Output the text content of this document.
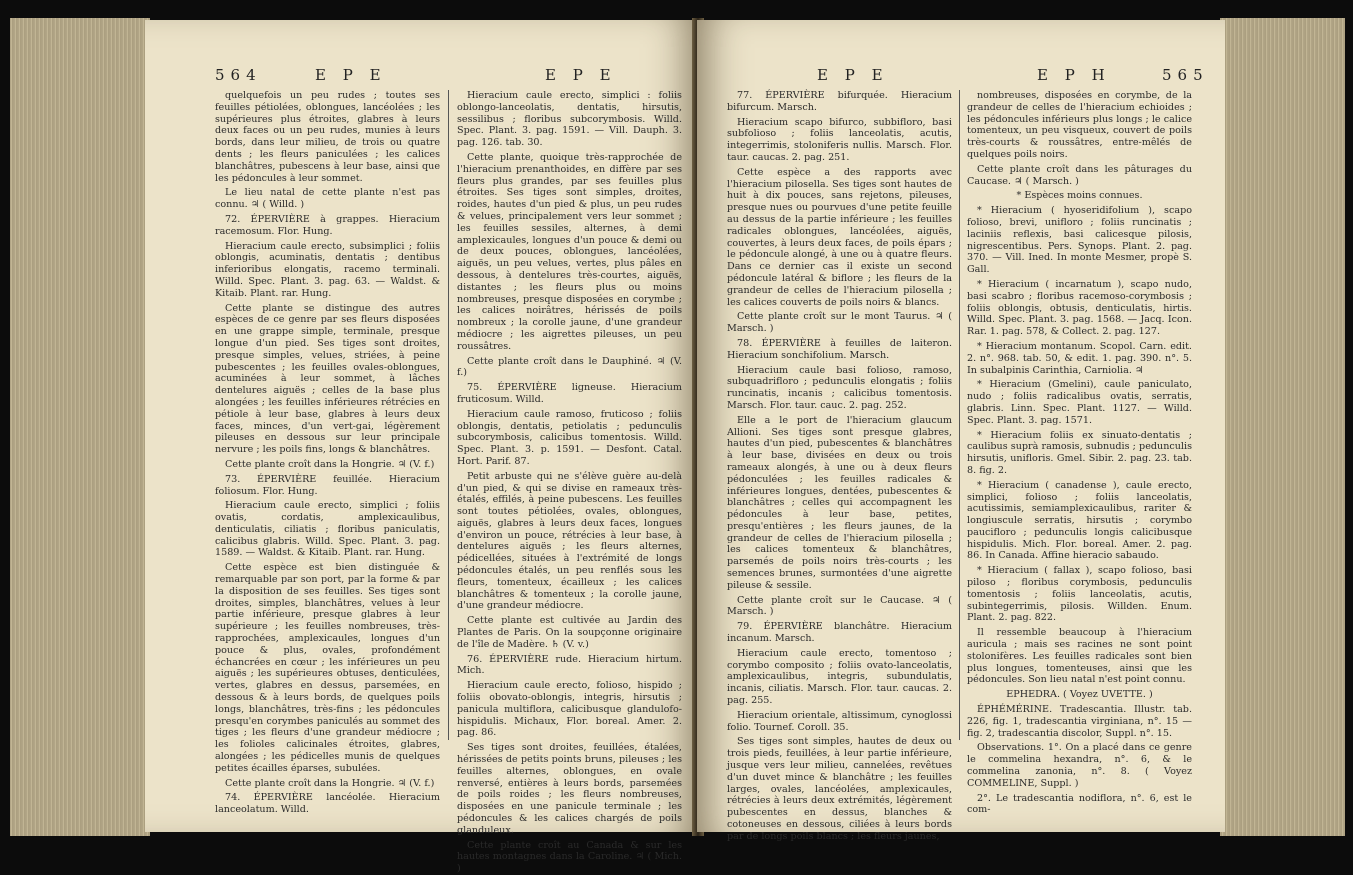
564	E P E	E P E

quelquefois un peu rudes ; toutes ses feuilles pétiolées, oblongues, lancéolées ; les supérieures plus étroites, glabres à leurs deux faces ou un peu rudes, munies à leurs bords, dans leur milieu, de trois ou quatre dents ; les fleurs paniculées ; les calices blanchâtres, pubescens à leur base, ainsi que les pédoncules à leur sommet.

Le lieu natal de cette plante n'est pas connu. ♃ ( Willd. )

72. ÉPERVIÈRE à grappes. Hieracium racemosum. Flor. Hung.

Hieracium caule erecto, subsimplici ; foliis oblongis, acuminatis, dentatis ; dentibus inferioribus elongatis, racemo terminali. Willd. Spec. Plant. 3. pag. 63. — Waldst. & Kitaib. Plant. rar. Hung.

Cette plante se distingue des autres espèces de ce genre par ses fleurs disposées en une grappe simple, terminale, presque longue d'un pied. Ses tiges sont droites, presque simples, velues, striées, à peine pubescentes ; les feuilles ovales-oblongues, acuminées à leur sommet, à lâches dentelures aiguës ; celles de la base plus alongées ; les feuilles inférieures rétrécies en pétiole à leur base, glabres à leurs deux faces, minces, d'un vert-gai, légèrement pileuses en dessous sur leur principale nervure ; les poils fins, longs & blanchâtres.

Cette plante croît dans la Hongrie. ♃ (V. f.)

73. ÉPERVIÈRE feuillée. Hieracium foliosum. Flor. Hung.

Hieracium caule erecto, simplici ; foliis ovatis, cordatis, amplexicaulibus, denticulatis, ciliatis ; floribus paniculatis, calicibus glabris. Willd. Spec. Plant. 3. pag. 1589. — Waldst. & Kitaib. Plant. rar. Hung.

Cette espèce est bien distinguée & remarquable par son port, par la forme & par la disposition de ses feuilles. Ses tiges sont droites, simples, blanchâtres, velues à leur partie inférieure, presque glabres à leur supérieure ; les feuilles nombreuses, très-rapprochées, amplexicaules, longues d'un pouce & plus, ovales, profondément échancrées en cœur ; les inférieures un peu aiguës ; les supérieures obtuses, denticulées, vertes, glabres en dessus, parsemées, en dessous & à leurs bords, de quelques poils longs, blanchâtres, très-fins ; les pédoncules presqu'en corymbes paniculés au sommet des tiges ; les fleurs d'une grandeur médiocre ; les folioles calicinales étroites, glabres, alongées ; les pédicelles munis de quelques petites écailles éparses, subulées.

Cette plante croît dans la Hongrie. ♃ (V. f.)

74. ÉPERVIÈRE lancéolée. Hieracium lanceolatum. Willd.

Hieracium caule erecto, simplici : foliis oblongo-lanceolatis, dentatis, hirsutis, sessilibus ; floribus subcorymbosis. Willd. Spec. Plant. 3. pag. 1591. — Vill. Dauph. 3. pag. 126. tab. 30.

Cette plante, quoique très-rapprochée de l'hieracium prenanthoides, en diffère par ses fleurs plus grandes, par ses feuilles plus étroites. Ses tiges sont simples, droites, roides, hautes d'un pied & plus, un peu rudes & velues, principalement vers leur sommet ; les feuilles sessiles, alternes, à demi amplexicaules, longues d'un pouce & demi ou de deux pouces, oblongues, lancéolées, aiguës, un peu velues, vertes, plus pâles en dessous, à dentelures très-courtes, aiguës, distantes ; les fleurs plus ou moins nombreuses, presque disposées en corymbe ; les calices noirâtres, hérissés de poils nombreux ; la corolle jaune, d'une grandeur médiocre ; les aigrettes pileuses, un peu roussâtres.

Cette plante croît dans le Dauphiné. ♃ (V. f.)

75. ÉPERVIÈRE ligneuse. Hieracium fruticosum. Willd.

Hieracium caule ramoso, fruticoso ; foliis oblongis, dentatis, petiolatis ; pedunculis subcorymbosis, calicibus tomentosis. Willd. Spec. Plant. 3. p. 1591. — Desfont. Catal. Hort. Parif. 87.

Petit arbuste qui ne s'élève guère au-delà d'un pied, & qui se divise en rameaux très-étalés, effilés, à peine pubescens. Les feuilles sont toutes pétiolées, ovales, oblongues, aiguës, glabres à leurs deux faces, longues d'environ un pouce, rétrécies à leur base, à dentelures aiguës ; les fleurs alternes, pédicellées, situées à l'extrémité de longs pédoncules étalés, un peu renflés sous les fleurs, tomenteux, écailleux ; les calices blanchâtres & tomenteux ; la corolle jaune, d'une grandeur médiocre.

Cette plante est cultivée au Jardin des Plantes de Paris. On la soupçonne originaire de l'île de Madère. ♄ (V. v.)

76. ÉPERVIÈRE rude. Hieracium hirtum. Mich.

Hieracium caule erecto, folioso, hispido ; foliis obovato-oblongis, integris, hirsutis ; panicula multiflora, calicibusque glandulofo-hispidulis. Michaux, Flor. boreal. Amer. 2. pag. 86.

Ses tiges sont droites, feuillées, étalées, hérissées de petits points bruns, pileuses ; les feuilles alternes, oblongues, en ovale renversé, entières à leurs bords, parsemées de poils roides ; les fleurs nombreuses, disposées en une panicule terminale ; les pédoncules & les calices chargés de poils glanduleux.

Cette plante croît au Canada & sur les hautes montagnes dans la Caroline. ♃ ( Mich. )

E P E	E P H	565

77. ÉPERVIÈRE bifurquée. Hieracium bifurcum. Marsch.

Hieracium scapo bifurco, subbifloro, basi subfolioso ; foliis lanceolatis, acutis, integerrimis, stoloniferis nullis. Marsch. Flor. taur. caucas. 2. pag. 251.

Cette espèce a des rapports avec l'hieracium pilosella. Ses tiges sont hautes de huit à dix pouces, sans rejetons, pileuses, presque nues ou pourvues d'une petite feuille au dessus de la partie inférieure ; les feuilles radicales oblongues, lancéolées, aiguës, couvertes, à leurs deux faces, de poils épars ; le pédoncule alongé, à une ou à quatre fleurs. Dans ce dernier cas il existe un second pédoncule latéral & biflore ; les fleurs de la grandeur de celles de l'hieracium pilosella ; les calices couverts de poils noirs & blancs.

Cette plante croît sur le mont Taurus. ♃ ( Marsch. )

78. ÉPERVIÈRE à feuilles de laiteron. Hieracium sonchifolium. Marsch.

Hieracium caule basi folioso, ramoso, subquadrifloro ; pedunculis elongatis ; foliis runcinatis, incanis ; calicibus tomentosis. Marsch. Flor. taur. cauc. 2. pag. 252.

Elle a le port de l'hieracium glaucum Allioni. Ses tiges sont presque glabres, hautes d'un pied, pubescentes & blanchâtres à leur base, divisées en deux ou trois rameaux alongés, à une ou à deux fleurs pédonculées ; les feuilles radicales & inférieures longues, dentées, pubescentes & blanchâtres ; celles qui accompagnent les pédoncules à leur base, petites, presqu'entières ; les fleurs jaunes, de la grandeur de celles de l'hieracium pilosella ; les calices tomenteux & blanchâtres, parsemés de poils noirs très-courts ; les semences brunes, surmontées d'une aigrette pileuse & sessile.

Cette plante croît sur le Caucase. ♃ ( Marsch. )

79. ÉPERVIÈRE blanchâtre. Hieracium incanum. Marsch.

Hieracium caule erecto, tomentoso ; corymbo composito ; foliis ovato-lanceolatis, amplexicaulibus, integris, subundulatis, incanis, ciliatis. Marsch. Flor. taur. caucas. 2. pag. 255.

Hieracium orientale, altissimum, cynoglossi folio. Tournef. Coroll. 35.

Ses tiges sont simples, hautes de deux ou trois pieds, feuillées, à leur partie inférieure, jusque vers leur milieu, cannelées, revêtues d'un duvet mince & blanchâtre ; les feuilles larges, ovales, lancéolées, amplexicaules, rétrécies à leurs deux extrémités, légèrement pubescentes en dessus, blanches & cotoneuses en dessous, ciliées à leurs bords par de longs poils blancs ; les fleurs jaunes,

nombreuses, disposées en corymbe, de la grandeur de celles de l'hieracium echioides ; les pédoncules inférieurs plus longs ; le calice tomenteux, un peu visqueux, couvert de poils très-courts & roussâtres, entre-mêlés de quelques poils noirs.

Cette plante croît dans les pâturages du Caucase. ♃ ( Marsch. )

* Espèces moins connues.

* Hieracium ( hyoseridifolium ), scapo folioso, brevi, unifloro ; foliis runcinatis ; laciniis reflexis, basi calicesque pilosis, nigrescentibus. Pers. Synops. Plant. 2. pag. 370. — Vill. Ined. In monte Mesmer, propè S. Gall.

* Hieracium ( incarnatum ), scapo nudo, basi scabro ; floribus racemoso-corymbosis ; foliis oblongis, obtusis, denticulatis, hirtis. Willd. Spec. Plant. 3. pag. 1568. — Jacq. Icon. Rar. 1. pag. 578, & Collect. 2. pag. 127.

* Hieracium montanum. Scopol. Carn. edit. 2. n°. 968. tab. 50, & edit. 1. pag. 390. n°. 5. In subalpinis Carinthia, Carniolia. ♃

* Hieracium (Gmelini), caule paniculato, nudo ; foliis radicalibus ovatis, serratis, glabris. Linn. Spec. Plant. 1127. — Willd. Spec. Plant. 3. pag. 1571.

* Hieracium foliis ex sinuato-dentatis ; caulibus suprà ramosis, subnudis ; pedunculis hirsutis, unifloris. Gmel. Sibir. 2. pag. 23. tab. 8. fig. 2.

* Hieracium ( canadense ), caule erecto, simplici, folioso ; foliis lanceolatis, acutissimis, semiamplexicaulibus, rariter & longiuscule serratis, hirsutis ; corymbo paucifloro ; pedunculis longis calicibusque hispidulis. Mich. Flor. boreal. Amer. 2. pag. 86. In Canada. Affine hieracio sabaudo.

* Hieracium ( fallax ), scapo folioso, basi piloso ; floribus corymbosis, pedunculis tomentosis ; foliis lanceolatis, acutis, subintegerrimis, pilosis. Willden. Enum. Plant. 2. pag. 822.

Il ressemble beaucoup à l'hieracium auricula ; mais ses racines ne sont point stolonifères. Les feuilles radicales sont bien plus longues, tomenteuses, ainsi que les pédoncules. Son lieu natal n'est point connu.

EPHEDRA. ( Voyez UVETTE. )

ÉPHÉMÉRINE. Tradescantia. Illustr. tab. 226, fig. 1, tradescantia virginiana, n°. 15 — fig. 2, tradescantia discolor, Suppl. n°. 15.

Observations. 1°. On a placé dans ce genre le commelina hexandra, n°. 6, & le commelina zanonia, n°. 8. ( Voyez COMMELINE, Suppl. )

2°. Le tradescantia nodiflora, n°. 6, est le com-
